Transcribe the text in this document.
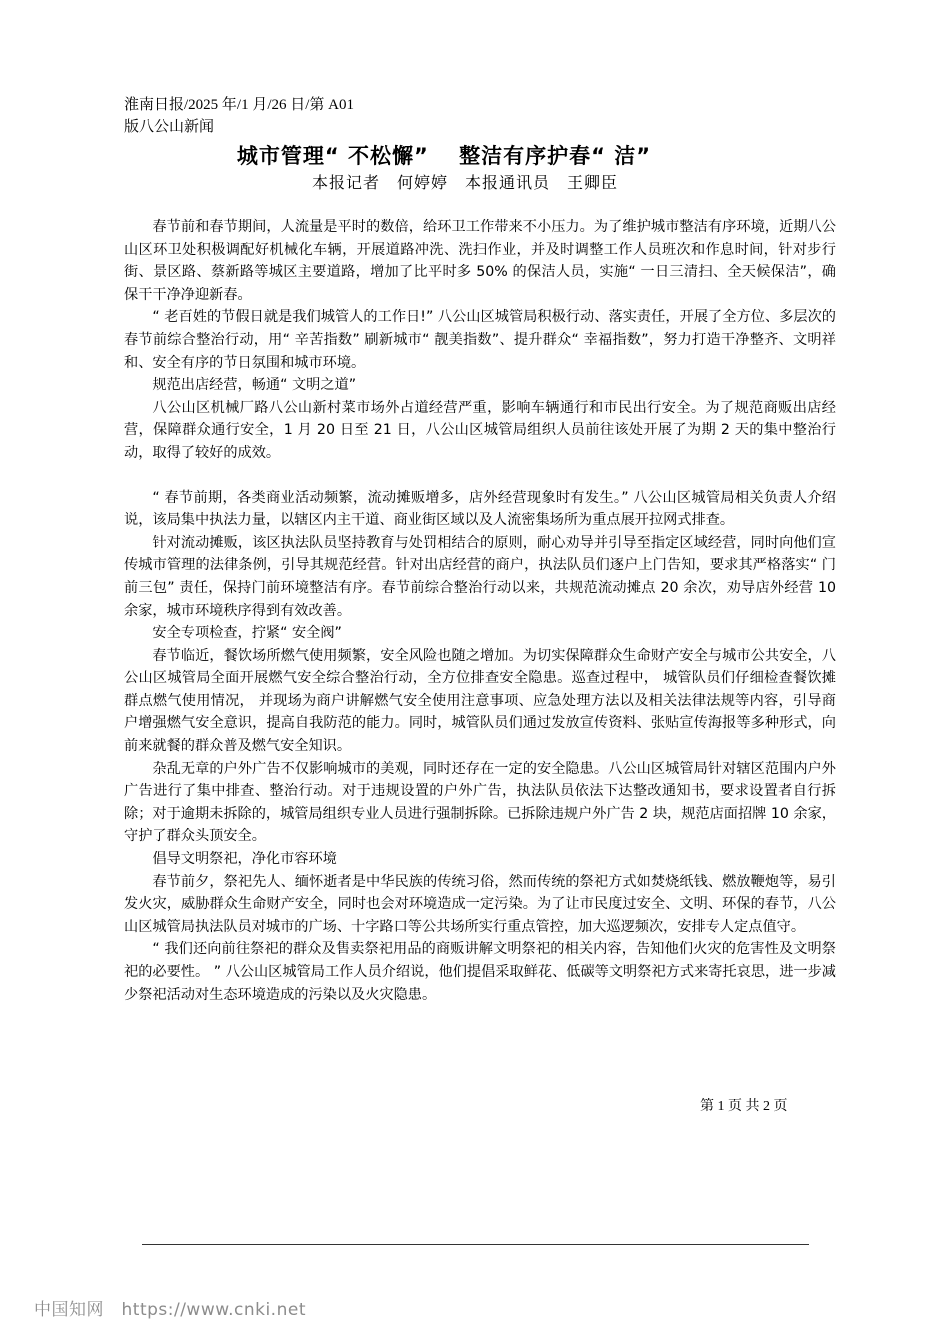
淮南日报/2025 年/1 月/26 日/第 A01
版八公山新闻
城市管理“ 不松懈” 　整洁有序护春“ 洁”
本报记者　何婷婷　本报通讯员　王卿臣

春节前和春节期间，人流量是平时的数倍，给环卫工作带来不小压力。为了维护城市整洁有序环境，近期八公山区环卫处积极调配好机械化车辆，开展道路冲洗、洗扫作业，并及时调整工作人员班次和作息时间，针对步行街、景区路、蔡新路等城区主要道路，增加了比平时多 50% 的保洁人员，实施“ 一日三清扫、全天候保洁”，确保干干净净迎新春。

“ 老百姓的节假日就是我们城管人的工作日!” 八公山区城管局积极行动、落实责任，开展了全方位、多层次的春节前综合整治行动，用“ 辛苦指数” 刷新城市“ 靓美指数”、提升群众“ 幸福指数”，努力打造干净整齐、文明祥和、安全有序的节日氛围和城市环境。

规范出店经营，畅通“ 文明之道”

八公山区机械厂路八公山新村菜市场外占道经营严重，影响车辆通行和市民出行安全。为了规范商贩出店经营，保障群众通行安全，1 月 20 日至 21 日，八公山区城管局组织人员前往该处开展了为期 2 天的集中整治行动，取得了较好的成效。

“ 春节前期，各类商业活动频繁，流动摊贩增多，店外经营现象时有发生。” 八公山区城管局相关负责人介绍说，该局集中执法力量，以辖区内主干道、商业街区域以及人流密集场所为重点展开拉网式排查。

针对流动摊贩，该区执法队员坚持教育与处罚相结合的原则，耐心劝导并引导至指定区域经营，同时向他们宣传城市管理的法律条例，引导其规范经营。针对出店经营的商户，执法队员们逐户上门告知，要求其严格落实“ 门前三包” 责任，保持门前环境整洁有序。春节前综合整治行动以来，共规范流动摊点 20 余次，劝导店外经营 10 余家，城市环境秩序得到有效改善。

安全专项检查，拧紧“ 安全阀”

春节临近，餐饮场所燃气使用频繁，安全风险也随之增加。为切实保障群众生命财产安全与城市公共安全，八公山区城管局全面开展燃气安全综合整治行动，全方位排查安全隐患。巡查过程中， 城管队员们仔细检查餐饮摊群点燃气使用情况， 并现场为商户讲解燃气安全使用注意事项、应急处理方法以及相关法律法规等内容，引导商户增强燃气安全意识，提高自我防范的能力。同时，城管队员们通过发放宣传资料、张贴宣传海报等多种形式，向前来就餐的群众普及燃气安全知识。

杂乱无章的户外广告不仅影响城市的美观，同时还存在一定的安全隐患。八公山区城管局针对辖区范围内户外广告进行了集中排查、整治行动。对于违规设置的户外广告，执法队员依法下达整改通知书，要求设置者自行拆除；对于逾期未拆除的，城管局组织专业人员进行强制拆除。已拆除违规户外广告 2 块，规范店面招牌 10 余家，守护了群众头顶安全。

倡导文明祭祀，净化市容环境

春节前夕，祭祀先人、缅怀逝者是中华民族的传统习俗，然而传统的祭祀方式如焚烧纸钱、燃放鞭炮等，易引发火灾，威胁群众生命财产安全，同时也会对环境造成一定污染。为了让市民度过安全、文明、环保的春节，八公山区城管局执法队员对城市的广场、十字路口等公共场所实行重点管控，加大巡逻频次，安排专人定点值守。

“ 我们还向前往祭祀的群众及售卖祭祀用品的商贩讲解文明祭祀的相关内容，告知他们火灾的危害性及文明祭祀的必要性。 ” 八公山区城管局工作人员介绍说，他们提倡采取鲜花、低碳等文明祭祀方式来寄托哀思，进一步减少祭祀活动对生态环境造成的污染以及火灾隐患。

第 1 页 共 2 页
中国知网　https://www.cnki.net
